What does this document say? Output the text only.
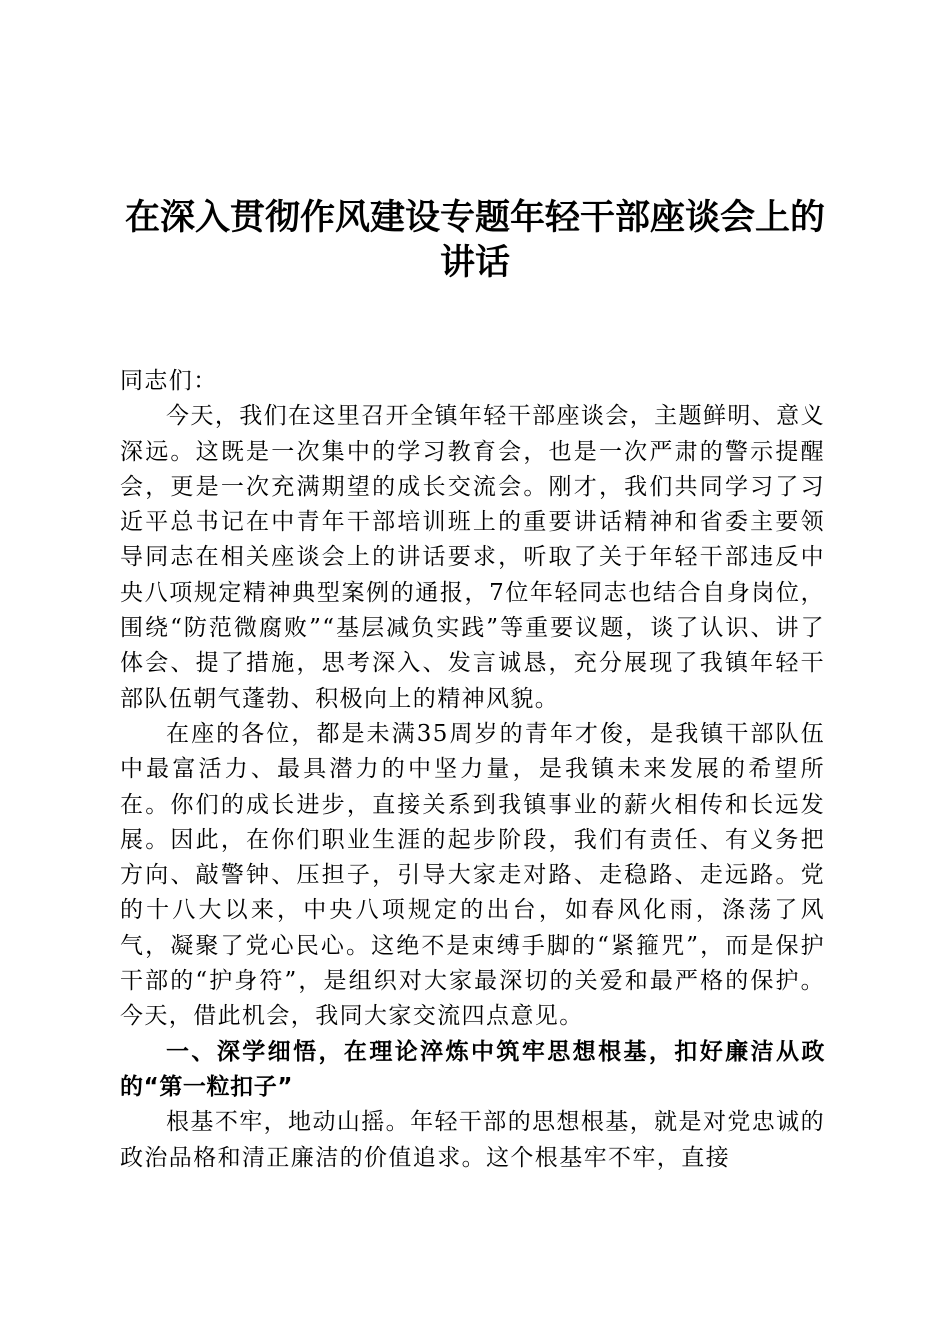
在深入贯彻作风建设专题年轻干部座谈会上的
讲话

同志们：

今天，我们在这里召开全镇年轻干部座谈会，主题鲜明、意义深远。这既是一次集中的学习教育会，也是一次严肃的警示提醒会，更是一次充满期望的成长交流会。刚才，我们共同学习了习近平总书记在中青年干部培训班上的重要讲话精神和省委主要领导同志在相关座谈会上的讲话要求，听取了关于年轻干部违反中央八项规定精神典型案例的通报，7位年轻同志也结合自身岗位，围绕“防范微腐败”“基层减负实践”等重要议题，谈了认识、讲了体会、提了措施，思考深入、发言诚恳，充分展现了我镇年轻干部队伍朝气蓬勃、积极向上的精神风貌。

在座的各位，都是未满35周岁的青年才俊，是我镇干部队伍中最富活力、最具潜力的中坚力量，是我镇未来发展的希望所在。你们的成长进步，直接关系到我镇事业的薪火相传和长远发展。因此，在你们职业生涯的起步阶段，我们有责任、有义务把方向、敲警钟、压担子，引导大家走对路、走稳路、走远路。党的十八大以来，中央八项规定的出台，如春风化雨，涤荡了风气，凝聚了党心民心。这绝不是束缚手脚的“紧箍咒”，而是保护干部的“护身符”，是组织对大家最深切的关爱和最严格的保护。今天，借此机会，我同大家交流四点意见。

一、深学细悟，在理论淬炼中筑牢思想根基，扣好廉洁从政的“第一粒扣子”

根基不牢，地动山摇。年轻干部的思想根基，就是对党忠诚的政治品格和清正廉洁的价值追求。这个根基牢不牢，直接
